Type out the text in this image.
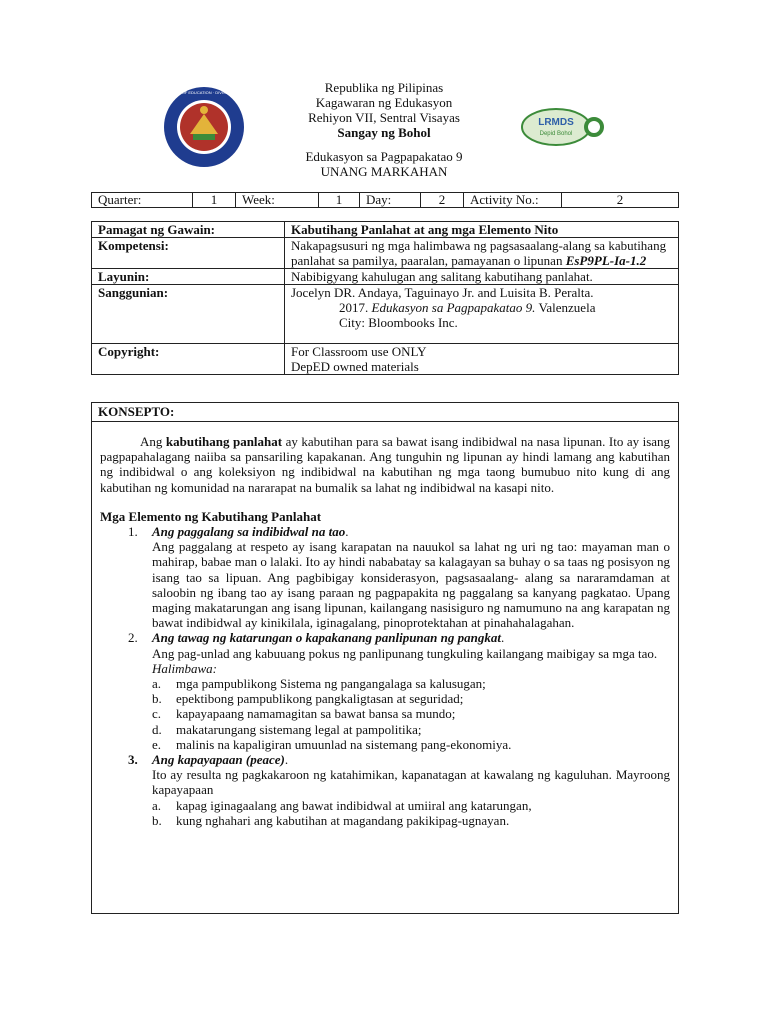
DEPARTMENT OF EDUCATION · DIVISION OF BOHOL
LRMDS
Depid Bohol
Republika ng Pilipinas
Kagawaran ng Edukasyon
Rehiyon VII, Sentral Visayas
Sangay ng Bohol
Edukasyon sa Pagpapakatao 9
UNANG MARKAHAN
Quarter:	1	Week:	1	Day:	2	Activity No.:	2
Pamagat ng Gawain:	Kabutihang Panlahat at ang mga Elemento Nito
Kompetensi:	Nakapagsusuri ng mga halimbawa ng pagsasaalang-alang sa kabutihang panlahat sa pamilya, paaralan, pamayanan o lipunan EsP9PL-Ia-1.2
Layunin:	Nabibigyang kahulugan ang salitang kabutihang panlahat.
Sanggunian:	Jocelyn DR. Andaya, Taguinayo Jr. and Luisita B. Peralta.
2017. Edukasyon sa Pagpapakatao 9. Valenzuela
City: Bloombooks Inc.

Copyright:	For Classroom use ONLY
DepED owned materials
KONSEPTO:

Ang kabutihang panlahat ay kabutihan para sa bawat isang indibidwal na nasa lipunan. Ito ay isang pagpapahalagang naiiba sa pansariling kapakanan. Ang tunguhin ng lipunan ay hindi lamang ang kabutihan ng indibidwal o ang koleksiyon ng indibidwal na kabutihan ng mga taong bumubuo nito kung di ang kabutihan ng komunidad na nararapat na bumalik sa lahat ng indibidwal na kasapi nito.

Mga Elemento ng Kabutihang Panlahat
1.	Ang paggalang sa indibidwal na tao .
Ang paggalang at respeto ay isang karapatan na nauukol sa lahat ng uri ng tao: mayaman man o mahirap, babae man o lalaki. Ito ay hindi nababatay sa kalagayan sa buhay o sa taas ng posisyon ng isang tao sa lipuan. Ang pagbibigay konsiderasyon, pagsasaalang- alang sa nararamdaman at saloobin ng ibang tao ay isang paraan ng pagpapakita ng paggalang sa kanyang pagkatao. Upang maging makatarungan ang isang lipunan, kailangang nasisiguro ng namumuno na ang karapatan ng bawat indibidwal ay kinikilala, iginagalang, pinoprotektahan at pinahahalagahan.
2.	Ang tawag ng katarungan o kapakanang panlipunan ng pangkat .
Ang pag-unlad ang kabuuang pokus ng panlipunang tungkuling kailangang maibigay sa mga tao.
Halimbawa:
a.	mga pampublikong Sistema ng pangangalaga sa kalusugan;
b.	epektibong pampublikong pangkaligtasan at seguridad;
c.	kapayapaang namamagitan sa bawat bansa sa mundo;
d.	makatarungang sistemang legal at pampolitika;
e.	malinis na kapaligiran umuunlad na sistemang pang-ekonomiya.
3.	Ang kapayapaan (peace) .
Ito ay resulta ng pagkakaroon ng katahimikan, kapanatagan at kawalang ng kaguluhan. Mayroong kapayapaan
a.	kapag iginagaalang ang bawat indibidwal at umiiral ang katarungan,
b.	kung nghahari ang kabutihan at magandang pakikipag-ugnayan.
